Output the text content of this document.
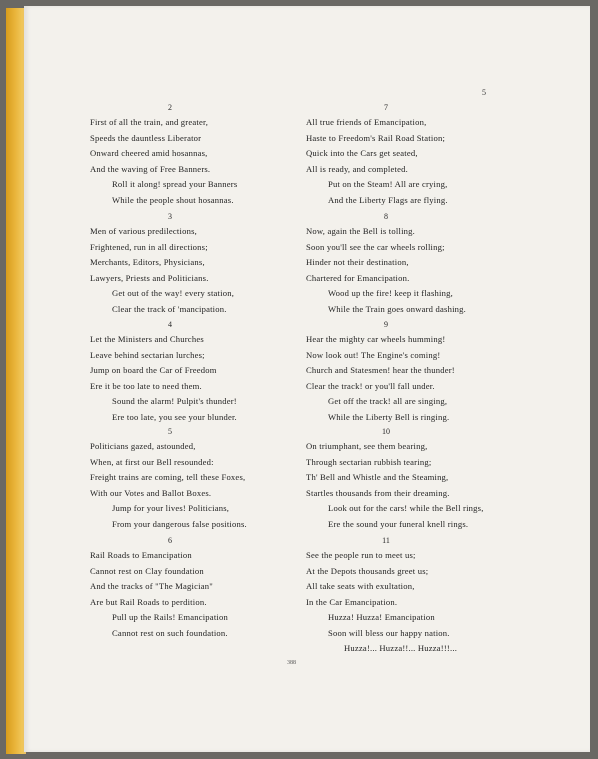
5
2
First of all the train, and greater,
Speeds the dauntless Liberator
Onward cheered amid hosannas,
And the waving of Free Banners.
Roll it along! spread your Banners
While the people shout hosannas.
3
Men of various predilections,
Frightened, run in all directions;
Merchants, Editors, Physicians,
Lawyers, Priests and Politicians.
Get out of the way! every station,
Clear the track of 'mancipation.
4
Let the Ministers and Churches
Leave behind sectarian lurches;
Jump on board the Car of Freedom
Ere it be too late to need them.
Sound the alarm! Pulpit's thunder!
Ere too late, you see your blunder.
5
Politicians gazed, astounded,
When, at first our Bell resounded:
Freight trains are coming, tell these Foxes,
With our Votes and Ballot Boxes.
Jump for your lives! Politicians,
From your dangerous false positions.
6
Rail Roads to Emancipation
Cannot rest on Clay foundation
And the tracks of "The Magician"
Are but Rail Roads to perdition.
Pull up the Rails! Emancipation
Cannot rest on such foundation.
7
All true friends of Emancipation,
Haste to Freedom's Rail Road Station;
Quick into the Cars get seated,
All is ready, and completed.
Put on the Steam! All are crying,
And the Liberty Flags are flying.
8
Now, again the Bell is tolling.
Soon you'll see the car wheels rolling;
Hinder not their destination,
Chartered for Emancipation.
Wood up the fire! keep it flashing,
While the Train goes onward dashing.
9
Hear the mighty car wheels humming!
Now look out! The Engine's coming!
Church and Statesmen! hear the thunder!
Clear the track! or you'll fall under.
Get off the track! all are singing,
While the Liberty Bell is ringing.
10
On triumphant, see them bearing,
Through sectarian rubbish tearing;
Th' Bell and Whistle and the Steaming,
Startles thousands from their dreaming.
Look out for the cars! while the Bell rings,
Ere the sound your funeral knell rings.
11
See the people run to meet us;
At the Depots thousands greet us;
All take seats with exultation,
In the Car Emancipation.
Huzza! Huzza! Emancipation
Soon will bless our happy nation.
Huzza!... Huzza!!... Huzza!!!...
388
